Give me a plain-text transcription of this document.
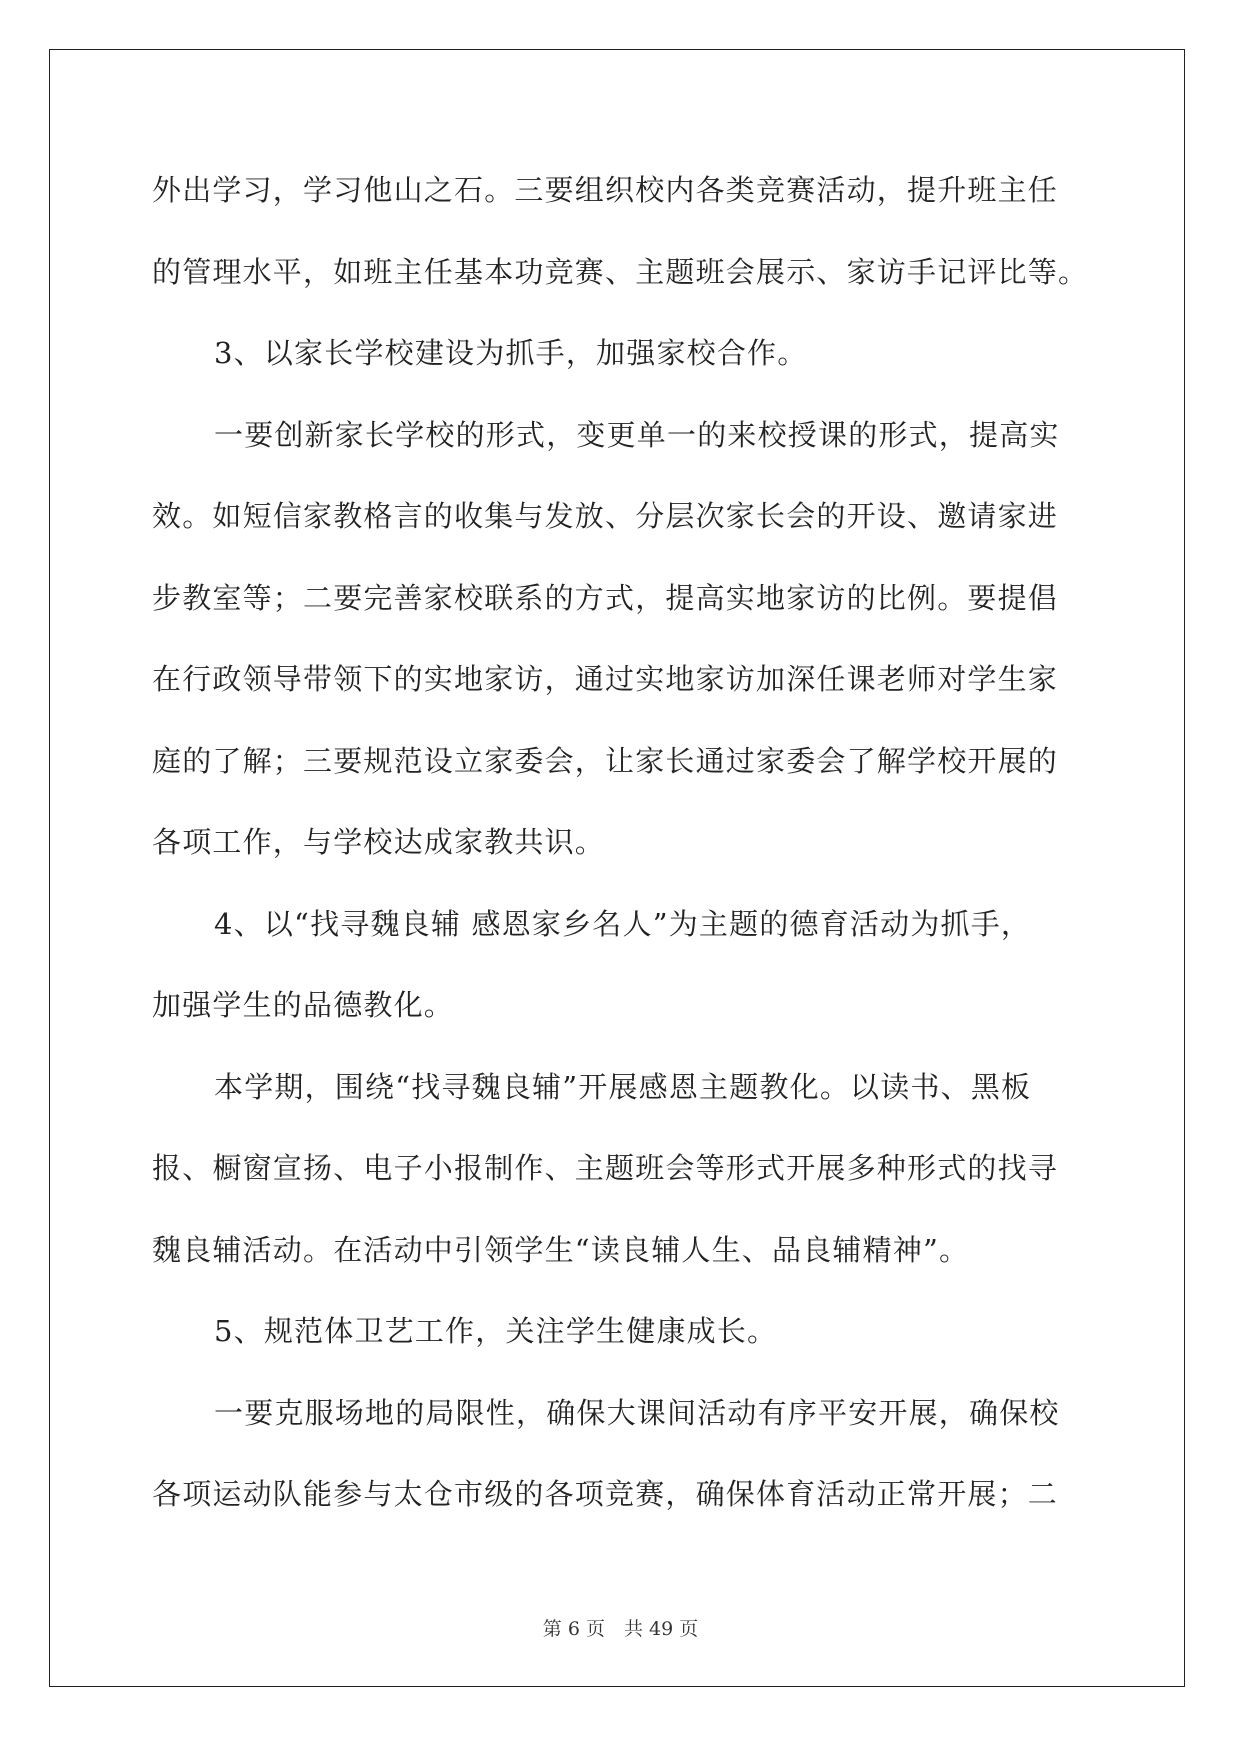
外出学习，学习他山之石。三要组织校内各类竞赛活动，提升班主任
的管理水平，如班主任基本功竞赛、主题班会展示、家访手记评比等。
3、以家长学校建设为抓手，加强家校合作。
一要创新家长学校的形式，变更单一的来校授课的形式，提高实
效。如短信家教格言的收集与发放、分层次家长会的开设、邀请家进
步教室等；二要完善家校联系的方式，提高实地家访的比例。要提倡
在行政领导带领下的实地家访，通过实地家访加深任课老师对学生家
庭的了解；三要规范设立家委会，让家长通过家委会了解学校开展的
各项工作，与学校达成家教共识。
4、以“找寻魏良辅 感恩家乡名人”为主题的德育活动为抓手，
加强学生的品德教化。
本学期，围绕“找寻魏良辅”开展感恩主题教化。以读书、黑板
报、橱窗宣扬、电子小报制作、主题班会等形式开展多种形式的找寻
魏良辅活动。在活动中引领学生“读良辅人生、品良辅精神”。
5、规范体卫艺工作，关注学生健康成长。
一要克服场地的局限性，确保大课间活动有序平安开展，确保校
各项运动队能参与太仓市级的各项竞赛，确保体育活动正常开展；二
第 6 页　共 49 页
